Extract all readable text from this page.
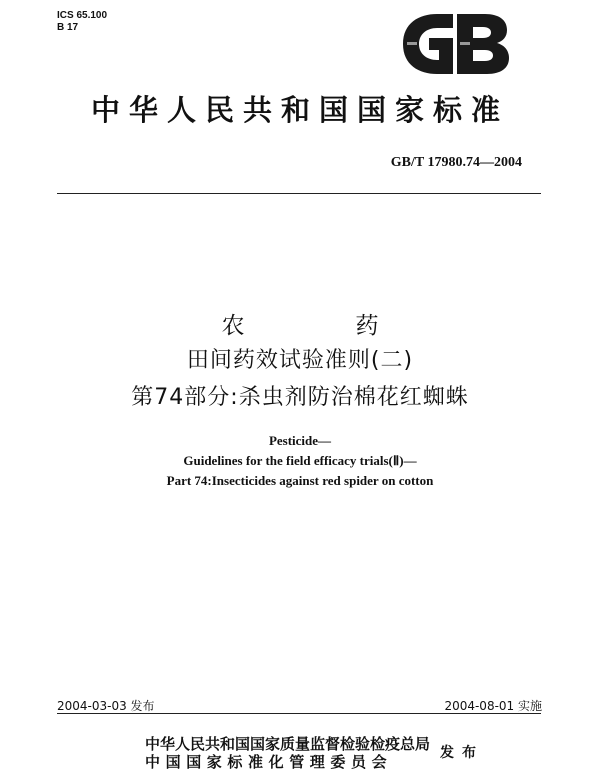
ICS 65.100
B 17
中华人民共和国国家标准
GB/T 17980.74—2004
农　药
田间药效试验准则(二)
第74部分:杀虫剂防治棉花红蜘蛛
Pesticide—
Guidelines for the field efficacy trials(Ⅱ)—
Part 74:Insecticides against red spider on cotton
2004-03-03 发布	2004-08-01 实施
中华人民共和国国家质量监督检验检疫总局
中国国家标准化管理委员会	发布
